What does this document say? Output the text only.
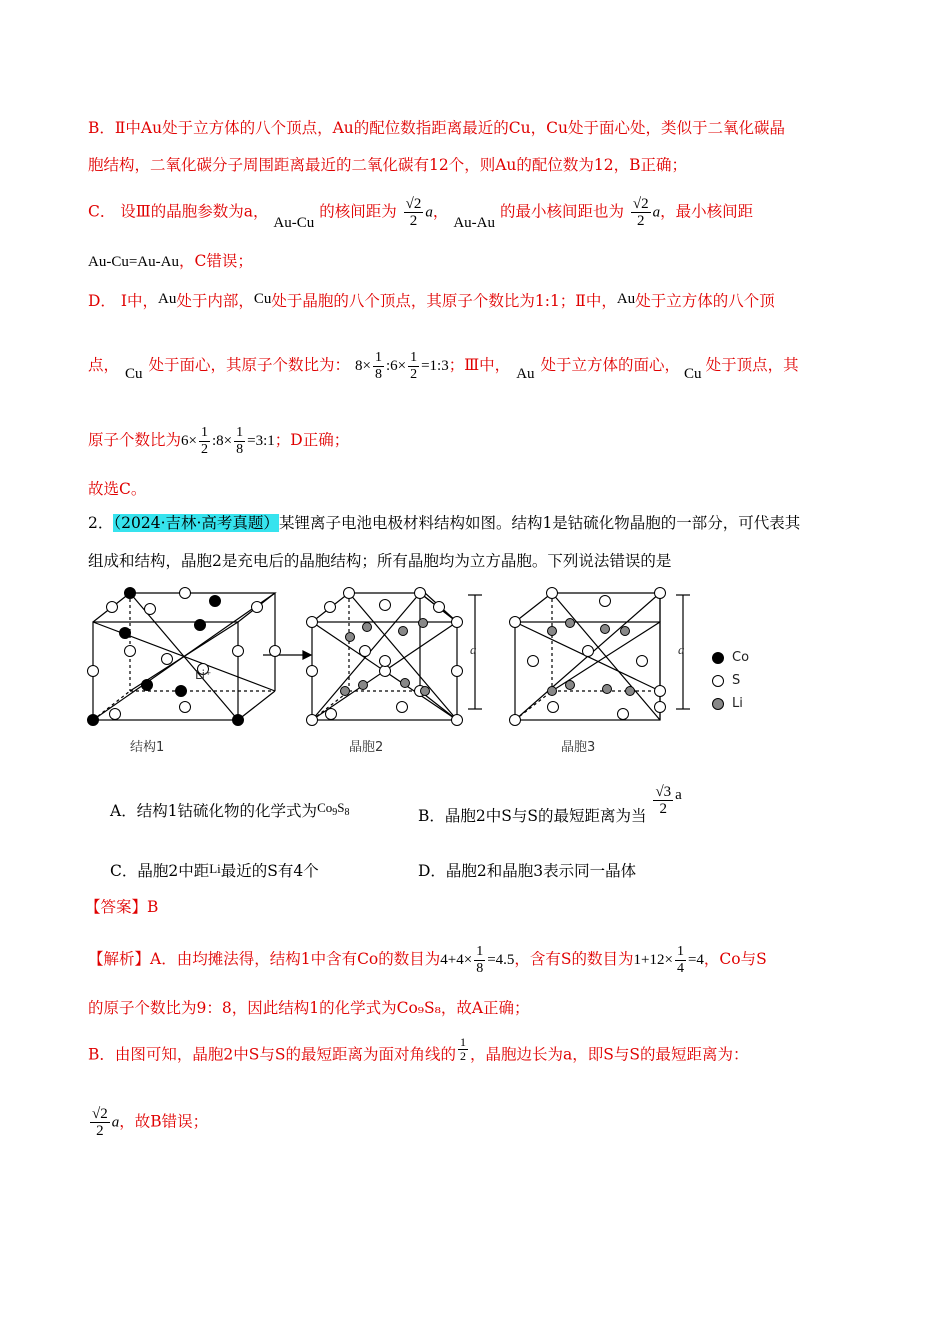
B．Ⅱ中Au处于立方体的八个顶点，Au的配位数指距离最近的Cu，Cu处于面心处，类似于二氧化碳晶
胞结构，二氧化碳分子周围距离最近的二氧化碳有12个，则Au的配位数为12，B正确；
C． 设Ⅲ的晶胞参数为a， Au-Cu 的核间距为 $\frac{√2}{2}$ a， Au-Au 的最小核间距也为 $\frac{√2}{2}$ a，最小核间距
Au-Cu=Au-Au，C错误；
D． I中，Au处于内部，Cu处于晶胞的八个顶点，其原子个数比为1:1；Ⅱ中，Au处于立方体的八个顶
点， Cu 处于面心，其原子个数比为： $8\times \frac{1}{8}$ :6× $\frac{1}{2}$ =1:3；Ⅲ中， Au 处于立方体的面心， Cu 处于顶点，其
原子个数比为$6\times \frac{1}{2}$ :8× $\frac{1}{8}$ =3:1；D正确；
故选C。
2．（2024·吉林·高考真题）某锂离子电池电极材料结构如图。结构1是钴硫化物晶胞的一部分，可代表其
组成和结构，晶胞2是充电后的晶胞结构；所有晶胞均为立方晶胞。下列说法错误的是
Li⁺
a	a
结构1	晶胞2	晶胞3
Co
S
Li
A．结构1钴硫化物的化学式为$^{Co_9S_8}$	B．晶胞2中S与S的最短距离为当 $\frac{√3}{2}$ a
C．晶胞2中距Li最近的S有4个	D．晶胞2和晶胞3表示同一晶体
【答案】B
【解析】A．由均摊法得，结构1中含有Co的数目为$4+4\times \frac{1}{8} =4.5$，含有S的数目为$1+12\times \frac{1}{4} =4$，Co与S
的原子个数比为9：8，因此结构1的化学式为Co₉S₈，故A正确；
B．由图可知，晶胞2中S与S的最短距离为面对角线的 $\frac{1}{2}$ ，晶胞边长为a，即S与S的最短距离为：
$\frac{√2}{2}$ a，故B错误；
